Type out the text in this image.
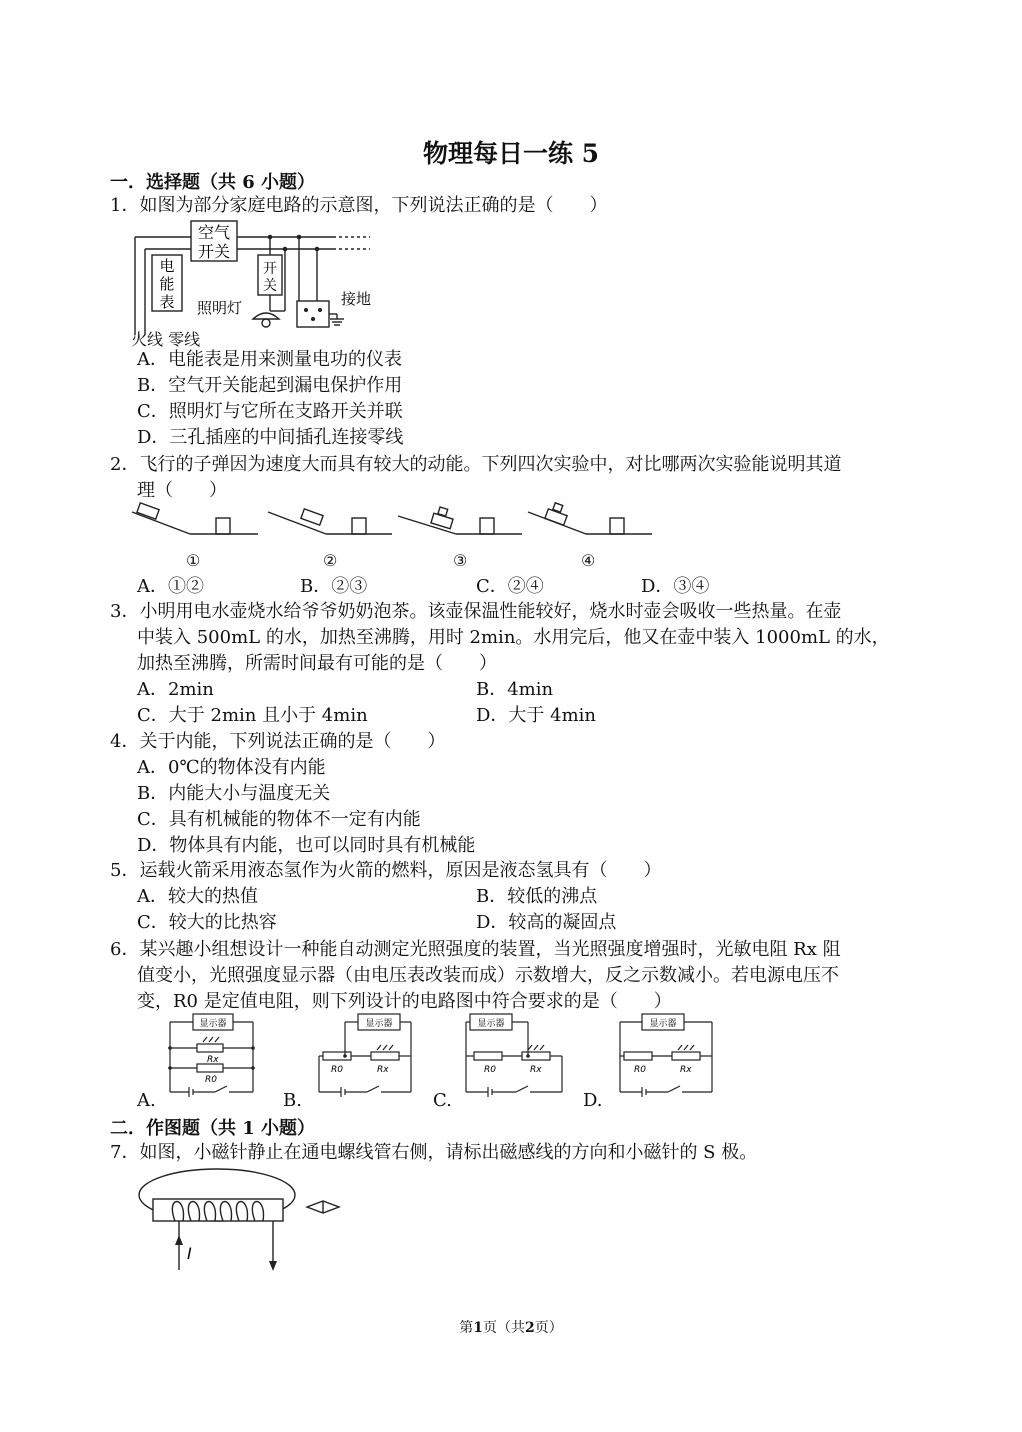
物理每日一练 5
一．选择题（共 6 小题）
1．如图为部分家庭电路的示意图，下列说法正确的是（　　）
电
能
表
空气
开关
开
关
照明灯	接地
火线 零线
A．电能表是用来测量电功的仪表
B．空气开关能起到漏电保护作用
C．照明灯与它所在支路开关并联
D．三孔插座的中间插孔连接零线
2．飞行的子弹因为速度大而具有较大的动能。下列四次实验中，对比哪两次实验能说明其道
理（　　）
①	②	③	④
A．①②	B．②③	C．②④	D．③④
3．小明用电水壶烧水给爷爷奶奶泡茶。该壶保温性能较好，烧水时壶会吸收一些热量。在壶
中装入 500mL 的水，加热至沸腾，用时 2min。水用完后，他又在壶中装入 1000mL 的水，
加热至沸腾，所需时间最有可能的是（　　）
A．2min	B．4min
C．大于 2min 且小于 4min	D．大于 4min
4．关于内能，下列说法正确的是（　　）
A．0℃的物体没有内能
B．内能大小与温度无关
C．具有机械能的物体不一定有内能
D．物体具有内能，也可以同时具有机械能
5．运载火箭采用液态氢作为火箭的燃料，原因是液态氢具有（　　）
A．较大的热值	B．较低的沸点
C．较大的比热容	D．较高的凝固点
6．某兴趣小组想设计一种能自动测定光照强度的装置，当光照强度增强时，光敏电阻 Rx 阻
值变小，光照强度显示器（由电压表改装而成）示数增大，反之示数减小。若电源电压不
变，R0 是定值电阻，则下列设计的电路图中符合要求的是（　　）
显示器
Rx
R0
A.
显示器
R0	Rx
B.
显示器
R0	Rx
C.
显示器
R0	Rx
D.
二．作图题（共 1 小题）
7．如图，小磁针静止在通电螺线管右侧，请标出磁感线的方向和小磁针的 S 极。
I
第1页（共2页）
